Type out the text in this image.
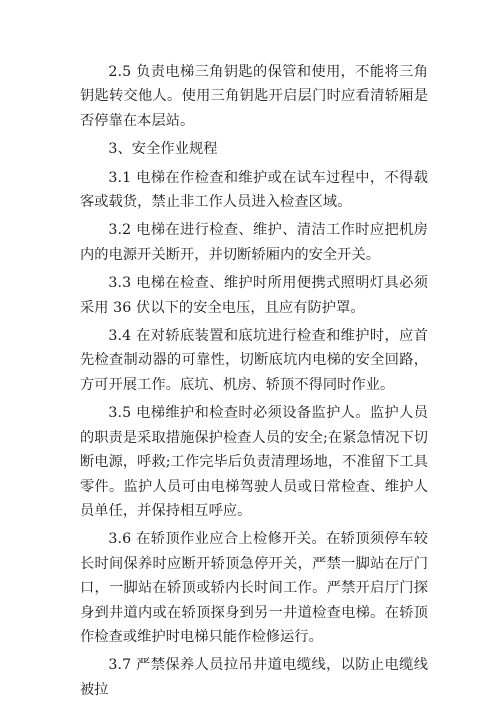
2.5 负责电梯三角钥匙的保管和使用，不能将三角钥匙转交他人。使用三角钥匙开启层门时应看清轿厢是否停靠在本层站。

3、安全作业规程

3.1 电梯在作检查和维护或在试车过程中，不得载客或载货，禁止非工作人员进入检查区域。

3.2 电梯在进行检查、维护、清洁工作时应把机房内的电源开关断开，并切断轿厢内的安全开关。

3.3 电梯在检查、维护时所用便携式照明灯具必须采用 36 伏以下的安全电压，且应有防护罩。

3.4 在对轿底装置和底坑进行检查和维护时，应首先检查制动器的可靠性，切断底坑内电梯的安全回路，方可开展工作。底坑、机房、轿顶不得同时作业。

3.5 电梯维护和检查时必须设备监护人。监护人员的职责是采取措施保护检查人员的安全;在紧急情况下切断电源，呼救;工作完毕后负责清理场地，不准留下工具零件。监护人员可由电梯驾驶人员或日常检查、维护人员单任，并保持相互呼应。

3.6 在轿顶作业应合上检修开关。在轿顶须停车较长时间保养时应断开轿顶急停开关，严禁一脚站在厅门口，一脚站在轿顶或轿内长时间工作。严禁开启厅门探身到井道内或在轿顶探身到另一井道检查电梯。在轿顶作检查或维护时电梯只能作检修运行。

3.7 严禁保养人员拉吊井道电缆线，以防止电缆线被拉
